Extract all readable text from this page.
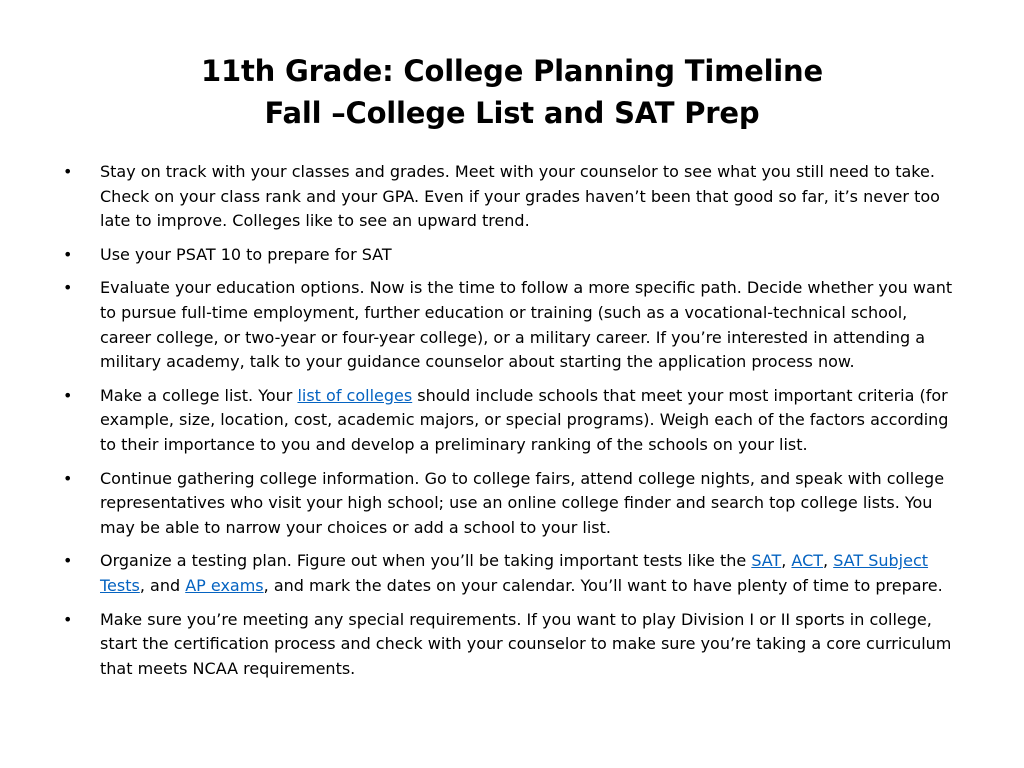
11th Grade: College Planning Timeline
Fall –College List and SAT Prep
• Stay on track with your classes and grades. Meet with your counselor to see what you still need to take. Check on your class rank and your GPA. Even if your grades haven’t been that good so far, it’s never too late to improve. Colleges like to see an upward trend.
• Use your PSAT 10 to prepare for SAT
• Evaluate your education options. Now is the time to follow a more specific path. Decide whether you want to pursue full-time employment, further education or training (such as a vocational-technical school, career college, or two-year or four-year college), or a military career. If you’re interested in attending a military academy, talk to your guidance counselor about starting the application process now.
• Make a college list. Your list of colleges should include schools that meet your most important criteria (for example, size, location, cost, academic majors, or special programs). Weigh each of the factors according to their importance to you and develop a preliminary ranking of the schools on your list.
• Continue gathering college information. Go to college fairs, attend college nights, and speak with college representatives who visit your high school; use an online college finder and search top college lists. You may be able to narrow your choices or add a school to your list.
• Organize a testing plan. Figure out when you’ll be taking important tests like the SAT, ACT, SAT Subject Tests, and AP exams, and mark the dates on your calendar. You’ll want to have plenty of time to prepare.
• Make sure you’re meeting any special requirements. If you want to play Division I or II sports in college, start the certification process and check with your counselor to make sure you’re taking a core curriculum that meets NCAA requirements.
